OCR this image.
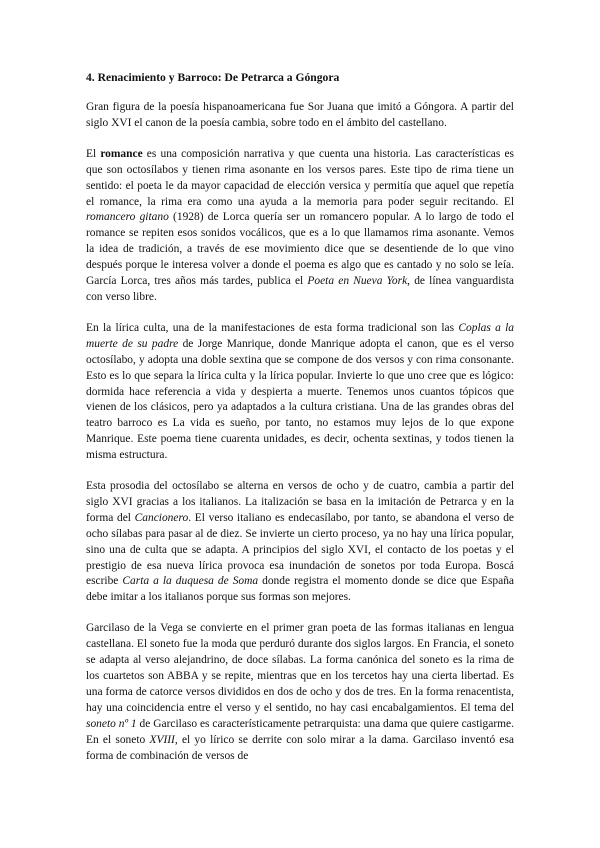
4. Renacimiento y Barroco: De Petrarca a Góngora

Gran figura de la poesía hispanoamericana fue Sor Juana que imitó a Góngora. A partir del siglo XVI el canon de la poesía cambia, sobre todo en el ámbito del castellano.

El romance es una composición narrativa y que cuenta una historia. Las características es que son octosílabos y tienen rima asonante en los versos pares. Este tipo de rima tiene un sentido: el poeta le da mayor capacidad de elección versica y permitía que aquel que repetía el romance, la rima era como una ayuda a la memoria para poder seguir recitando. El romancero gitano (1928) de Lorca quería ser un romancero popular. A lo largo de todo el romance se repiten esos sonidos vocálicos, que es a lo que llamamos rima asonante. Vemos la idea de tradición, a través de ese movimiento dice que se desentiende de lo que vino después porque le interesa volver a donde el poema es algo que es cantado y no solo se leía. García Lorca, tres años más tardes, publica el Poeta en Nueva York, de línea vanguardista con verso libre.

En la lírica culta, una de la manifestaciones de esta forma tradicional son las Coplas a la muerte de su padre de Jorge Manrique, donde Manrique adopta el canon, que es el verso octosílabo, y adopta una doble sextina que se compone de dos versos y con rima consonante. Esto es lo que separa la lírica culta y la lírica popular. Invierte lo que uno cree que es lógico: dormida hace referencia a vida y despierta a muerte. Tenemos unos cuantos tópicos que vienen de los clásicos, pero ya adaptados a la cultura cristiana. Una de las grandes obras del teatro barroco es La vida es sueño, por tanto, no estamos muy lejos de lo que expone Manrique. Este poema tiene cuarenta unidades, es decir, ochenta sextinas, y todos tienen la misma estructura.

Esta prosodia del octosílabo se alterna en versos de ocho y de cuatro, cambia a partir del siglo XVI gracias a los italianos. La italización se basa en la imitación de Petrarca y en la forma del Cancionero. El verso italiano es endecasílabo, por tanto, se abandona el verso de ocho sílabas para pasar al de diez. Se invierte un cierto proceso, ya no hay una lírica popular, sino una de culta que se adapta. A principios del siglo XVI, el contacto de los poetas y el prestigio de esa nueva lírica provoca esa inundación de sonetos por toda Europa. Boscá escribe Carta a la duquesa de Soma donde registra el momento donde se dice que España debe imitar a los italianos porque sus formas son mejores.

Garcilaso de la Vega se convierte en el primer gran poeta de las formas italianas en lengua castellana. El soneto fue la moda que perduró durante dos siglos largos. En Francia, el soneto se adapta al verso alejandrino, de doce sílabas. La forma canónica del soneto es la rima de los cuartetos son ABBA y se repite, mientras que en los tercetos hay una cierta libertad. Es una forma de catorce versos divididos en dos de ocho y dos de tres. En la forma renacentista, hay una coincidencia entre el verso y el sentido, no hay casi encabalgamientos. El tema del soneto nº 1 de Garcilaso es característicamente petrarquista: una dama que quiere castigarme. En el soneto XVIII, el yo lírico se derrite con solo mirar a la dama. Garcilaso inventó esa forma de combinación de versos de
